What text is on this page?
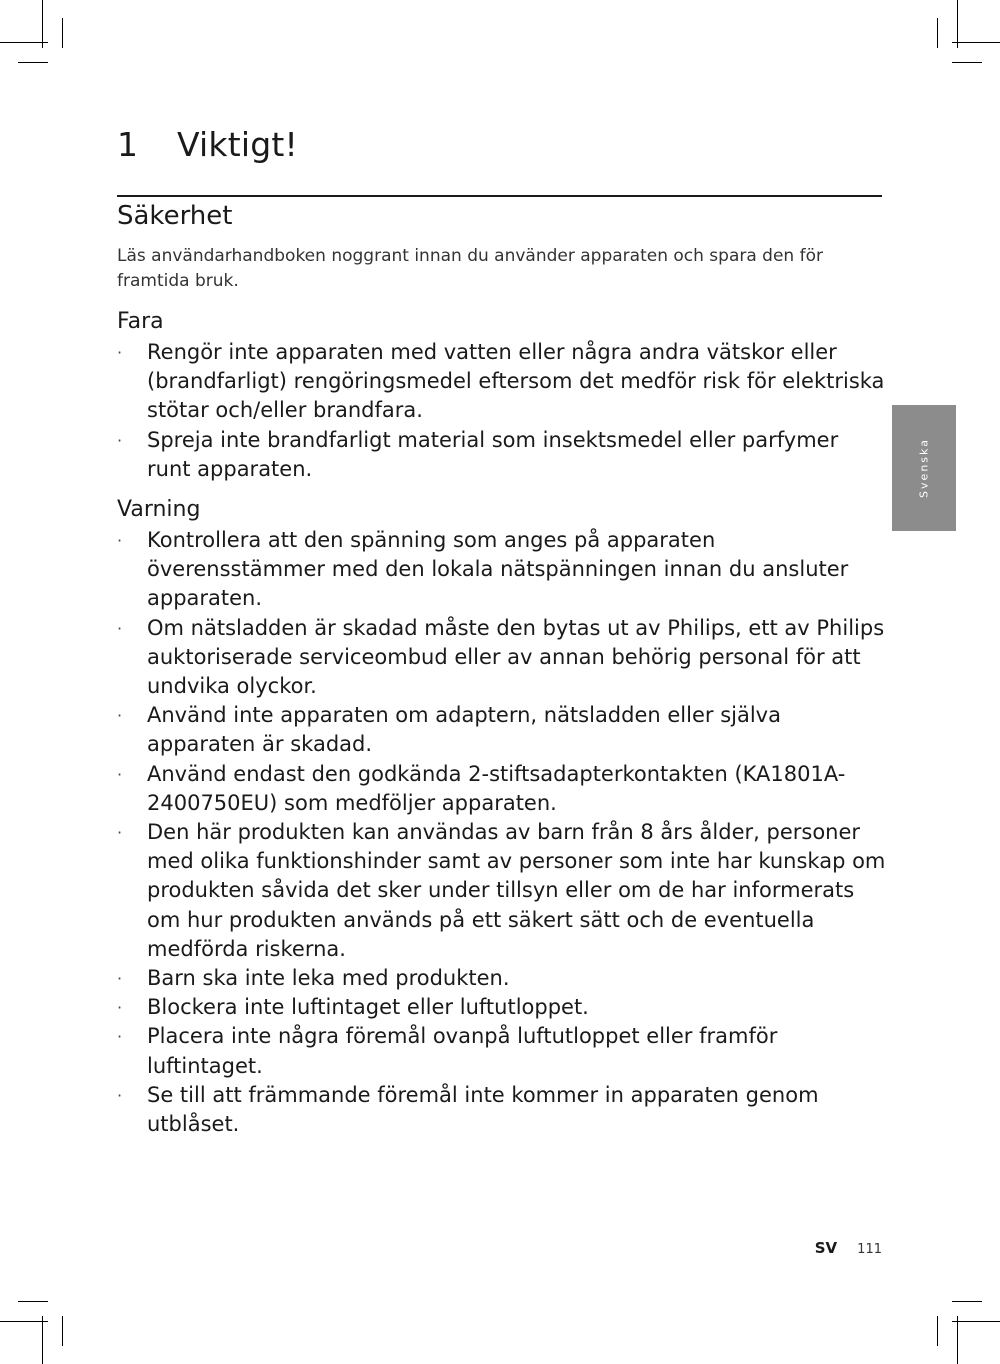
1 Viktigt!
Säkerhet
Läs användarhandboken noggrant innan du använder apparaten och spara den för framtida bruk.
Fara
· Rengör inte apparaten med vatten eller några andra vätskor eller (brandfarligt) rengöringsmedel eftersom det medför risk för elektriska stötar och/eller brandfara.
· Spreja inte brandfarligt material som insektsmedel eller parfymer runt apparaten.
Varning
· Kontrollera att den spänning som anges på apparaten överensstämmer med den lokala nätspänningen innan du ansluter apparaten.
· Om nätsladden är skadad måste den bytas ut av Philips, ett av Philips auktoriserade serviceombud eller av annan behörig personal för att undvika olyckor.
· Använd inte apparaten om adaptern, nätsladden eller själva apparaten är skadad.
· Använd endast den godkända 2-stiftsadapterkontakten (KA1801A-2400750EU) som medföljer apparaten.
· Den här produkten kan användas av barn från 8 års ålder, personer med olika funktionshinder samt av personer som inte har kunskap om produkten såvida det sker under tillsyn eller om de har informerats om hur produkten används på ett säkert sätt och de eventuella medförda riskerna.
· Barn ska inte leka med produkten.
· Blockera inte luftintaget eller luftutloppet.
· Placera inte några föremål ovanpå luftutloppet eller framför luftintaget.
· Se till att främmande föremål inte kommer in apparaten genom utblåset.
Svenska
SV 111
